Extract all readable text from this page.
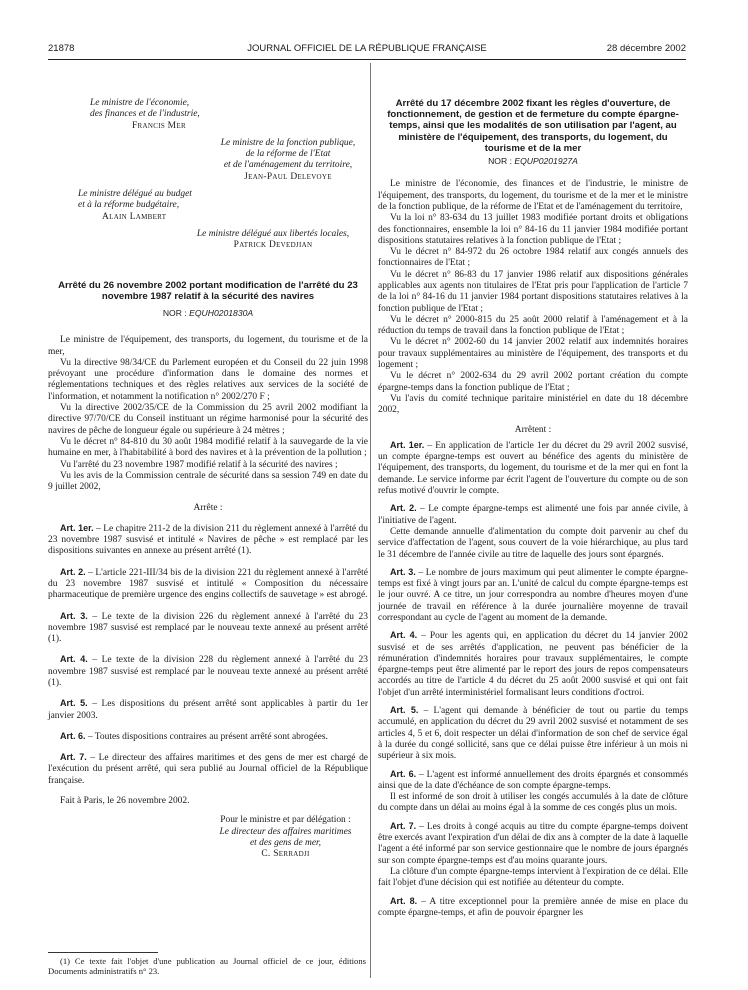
21878	JOURNAL OFFICIEL DE LA RÉPUBLIQUE FRANÇAISE	28 décembre 2002
Le ministre de l'économie,
des finances et de l'industrie,
Francis Mer
Le ministre de la fonction publique,
de la réforme de l'Etat
et de l'aménagement du territoire,
Jean-Paul Delevoye
Le ministre délégué au budget
et à la réforme budgétaire,
Alain Lambert
Le ministre délégué aux libertés locales,
Patrick Devedjian

Arrêté du 26 novembre 2002 portant modification de l'arrêté du 23 novembre 1987 relatif à la sécurité des navires

NOR : EQUH0201830A

Le ministre de l'équipement, des transports, du logement, du tourisme et de la mer,

Vu la directive 98/34/CE du Parlement européen et du Conseil du 22 juin 1998 prévoyant une procédure d'information dans le domaine des normes et réglementations techniques et des règles relatives aux services de la société de l'information, et notamment la notification n° 2002/270 F ;

Vu la directive 2002/35/CE de la Commission du 25 avril 2002 modifiant la directive 97/70/CE du Conseil instituant un régime harmonisé pour la sécurité des navires de pêche de longueur égale ou supérieure à 24 mètres ;

Vu le décret n° 84-810 du 30 août 1984 modifié relatif à la sauvegarde de la vie humaine en mer, à l'habitabilité à bord des navires et à la prévention de la pollution ;

Vu l'arrêté du 23 novembre 1987 modifié relatif à la sécurité des navires ;

Vu les avis de la Commission centrale de sécurité dans sa session 749 en date du 9 juillet 2002,

Arrête :

Art. 1er. – Le chapitre 211-2 de la division 211 du règlement annexé à l'arrêté du 23 novembre 1987 susvisé et intitulé « Navires de pêche » est remplacé par les dispositions suivantes en annexe au présent arrêté (1).

Art. 2. – L'article 221-III/34 bis de la division 221 du règlement annexé à l'arrêté du 23 novembre 1987 susvisé et intitulé « Composition du nécessaire pharmaceutique de première urgence des engins collectifs de sauvetage » est abrogé.

Art. 3. – Le texte de la division 226 du règlement annexé à l'arrêté du 23 novembre 1987 susvisé est remplacé par le nouveau texte annexé au présent arrêté (1).

Art. 4. – Le texte de la division 228 du règlement annexé à l'arrêté du 23 novembre 1987 susvisé est remplacé par le nouveau texte annexé au présent arrêté (1).

Art. 5. – Les dispositions du présent arrêté sont applicables à partir du 1er janvier 2003.

Art. 6. – Toutes dispositions contraires au présent arrêté sont abrogées.

Art. 7. – Le directeur des affaires maritimes et des gens de mer est chargé de l'exécution du présent arrêté, qui sera publié au Journal officiel de la République française.

Fait à Paris, le 26 novembre 2002.

Pour le ministre et par délégation :
Le directeur des affaires maritimes
et des gens de mer,
C. Serradji

(1) Ce texte fait l'objet d'une publication au Journal officiel de ce jour, éditions Documents administratifs n° 23.

Arrêté du 17 décembre 2002 fixant les règles d'ouverture, de fonctionnement, de gestion et de fermeture du compte épargne-temps, ainsi que les modalités de son utilisation par l'agent, au ministère de l'équipement, des transports, du logement, du tourisme et de la mer

NOR : EQUP0201927A

Le ministre de l'économie, des finances et de l'industrie, le ministre de l'équipement, des transports, du logement, du tourisme et de la mer et le ministre de la fonction publique, de la réforme de l'Etat et de l'aménagement du territoire,

Vu la loi n° 83-634 du 13 juillet 1983 modifiée portant droits et obligations des fonctionnaires, ensemble la loi n° 84-16 du 11 janvier 1984 modifiée portant dispositions statutaires relatives à la fonction publique de l'Etat ;

Vu le décret n° 84-972 du 26 octobre 1984 relatif aux congés annuels des fonctionnaires de l'Etat ;

Vu le décret n° 86-83 du 17 janvier 1986 relatif aux dispositions générales applicables aux agents non titulaires de l'Etat pris pour l'application de l'article 7 de la loi n° 84-16 du 11 janvier 1984 portant dispositions statutaires relatives à la fonction publique de l'Etat ;

Vu le décret n° 2000-815 du 25 août 2000 relatif à l'aménagement et à la réduction du temps de travail dans la fonction publique de l'Etat ;

Vu le décret n° 2002-60 du 14 janvier 2002 relatif aux indemnités horaires pour travaux supplémentaires au ministère de l'équipement, des transports et du logement ;

Vu le décret n° 2002-634 du 29 avril 2002 portant création du compte épargne-temps dans la fonction publique de l'Etat ;

Vu l'avis du comité technique paritaire ministériel en date du 18 décembre 2002,

Arrêtent :

Art. 1er. – En application de l'article 1er du décret du 29 avril 2002 susvisé, un compte épargne-temps est ouvert au bénéfice des agents du ministère de l'équipement, des transports, du logement, du tourisme et de la mer qui en font la demande. Le service informe par écrit l'agent de l'ouverture du compte ou de son refus motivé d'ouvrir le compte.

Art. 2. – Le compte épargne-temps est alimenté une fois par année civile, à l'initiative de l'agent.

Cette demande annuelle d'alimentation du compte doit parvenir au chef du service d'affectation de l'agent, sous couvert de la voie hiérarchique, au plus tard le 31 décembre de l'année civile au titre de laquelle des jours sont épargnés.

Art. 3. – Le nombre de jours maximum qui peut alimenter le compte épargne-temps est fixé à vingt jours par an. L'unité de calcul du compte épargne-temps est le jour ouvré. A ce titre, un jour correspondra au nombre d'heures moyen d'une journée de travail en référence à la durée journalière moyenne de travail correspondant au cycle de l'agent au moment de la demande.

Art. 4. – Pour les agents qui, en application du décret du 14 janvier 2002 susvisé et de ses arrêtés d'application, ne peuvent pas bénéficier de la rémunération d'indemnités horaires pour travaux supplémentaires, le compte épargne-temps peut être alimenté par le report des jours de repos compensateurs accordés au titre de l'article 4 du décret du 25 août 2000 susvisé et qui ont fait l'objet d'un arrêté interministériel formalisant leurs conditions d'octroi.

Art. 5. – L'agent qui demande à bénéficier de tout ou partie du temps accumulé, en application du décret du 29 avril 2002 susvisé et notamment de ses articles 4, 5 et 6, doit respecter un délai d'information de son chef de service égal à la durée du congé sollicité, sans que ce délai puisse être inférieur à un mois ni supérieur à six mois.

Art. 6. – L'agent est informé annuellement des droits épargnés et consommés ainsi que de la date d'échéance de son compte épargne-temps.

Il est informé de son droit à utiliser les congés accumulés à la date de clôture du compte dans un délai au moins égal à la somme de ces congés plus un mois.

Art. 7. – Les droits à congé acquis au titre du compte épargne-temps doivent être exercés avant l'expiration d'un délai de dix ans à compter de la date à laquelle l'agent a été informé par son service gestionnaire que le nombre de jours épargnés sur son compte épargne-temps est d'au moins quarante jours.

La clôture d'un compte épargne-temps intervient à l'expiration de ce délai. Elle fait l'objet d'une décision qui est notifiée au détenteur du compte.

Art. 8. – A titre exceptionnel pour la première année de mise en place du compte épargne-temps, et afin de pouvoir épargner les
